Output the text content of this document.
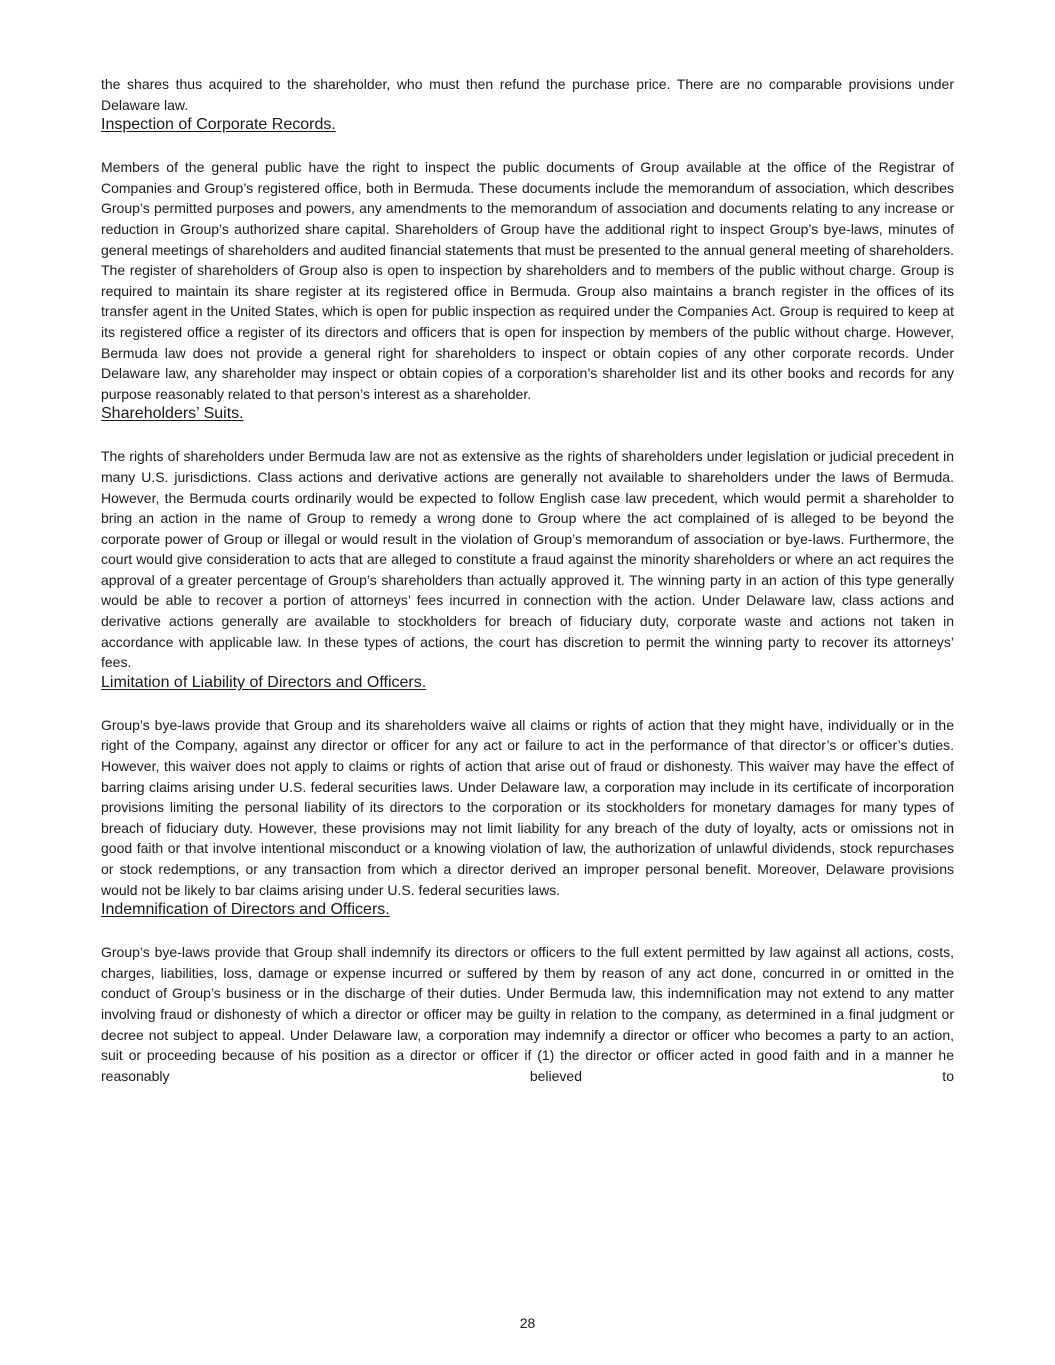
the shares thus acquired to the shareholder, who must then refund the purchase price. There are no comparable provisions under Delaware law.

Inspection of Corporate Records.

Members of the general public have the right to inspect the public documents of Group available at the office of the Registrar of Companies and Group’s registered office, both in Bermuda. These documents include the memorandum of association, which describes Group’s permitted purposes and powers, any amendments to the memorandum of association and documents relating to any increase or reduction in Group’s authorized share capital. Shareholders of Group have the additional right to inspect Group’s bye-laws, minutes of general meetings of shareholders and audited financial statements that must be presented to the annual general meeting of shareholders. The register of shareholders of Group also is open to inspection by shareholders and to members of the public without charge. Group is required to maintain its share register at its registered office in Bermuda. Group also maintains a branch register in the offices of its transfer agent in the United States, which is open for public inspection as required under the Companies Act. Group is required to keep at its registered office a register of its directors and officers that is open for inspection by members of the public without charge. However, Bermuda law does not provide a general right for shareholders to inspect or obtain copies of any other corporate records. Under Delaware law, any shareholder may inspect or obtain copies of a corporation’s shareholder list and its other books and records for any purpose reasonably related to that person’s interest as a shareholder.

Shareholders’ Suits.

The rights of shareholders under Bermuda law are not as extensive as the rights of shareholders under legislation or judicial precedent in many U.S. jurisdictions. Class actions and derivative actions are generally not available to shareholders under the laws of Bermuda. However, the Bermuda courts ordinarily would be expected to follow English case law precedent, which would permit a shareholder to bring an action in the name of Group to remedy a wrong done to Group where the act complained of is alleged to be beyond the corporate power of Group or illegal or would result in the violation of Group’s memorandum of association or bye-laws. Furthermore, the court would give consideration to acts that are alleged to constitute a fraud against the minority shareholders or where an act requires the approval of a greater percentage of Group’s shareholders than actually approved it. The winning party in an action of this type generally would be able to recover a portion of attorneys’ fees incurred in connection with the action. Under Delaware law, class actions and derivative actions generally are available to stockholders for breach of fiduciary duty, corporate waste and actions not taken in accordance with applicable law. In these types of actions, the court has discretion to permit the winning party to recover its attorneys’ fees.

Limitation of Liability of Directors and Officers.

Group’s bye-laws provide that Group and its shareholders waive all claims or rights of action that they might have, individually or in the right of the Company, against any director or officer for any act or failure to act in the performance of that director’s or officer’s duties. However, this waiver does not apply to claims or rights of action that arise out of fraud or dishonesty. This waiver may have the effect of barring claims arising under U.S. federal securities laws. Under Delaware law, a corporation may include in its certificate of incorporation provisions limiting the personal liability of its directors to the corporation or its stockholders for monetary damages for many types of breach of fiduciary duty. However, these provisions may not limit liability for any breach of the duty of loyalty, acts or omissions not in good faith or that involve intentional misconduct or a knowing violation of law, the authorization of unlawful dividends, stock repurchases or stock redemptions, or any transaction from which a director derived an improper personal benefit. Moreover, Delaware provisions would not be likely to bar claims arising under U.S. federal securities laws.

Indemnification of Directors and Officers.

Group’s bye-laws provide that Group shall indemnify its directors or officers to the full extent permitted by law against all actions, costs, charges, liabilities, loss, damage or expense incurred or suffered by them by reason of any act done, concurred in or omitted in the conduct of Group’s business or in the discharge of their duties. Under Bermuda law, this indemnification may not extend to any matter involving fraud or dishonesty of which a director or officer may be guilty in relation to the company, as determined in a final judgment or decree not subject to appeal. Under Delaware law, a corporation may indemnify a director or officer who becomes a party to an action, suit or proceeding because of his position as a director or officer if (1) the director or officer acted in good faith and in a manner he reasonably believed to

28
